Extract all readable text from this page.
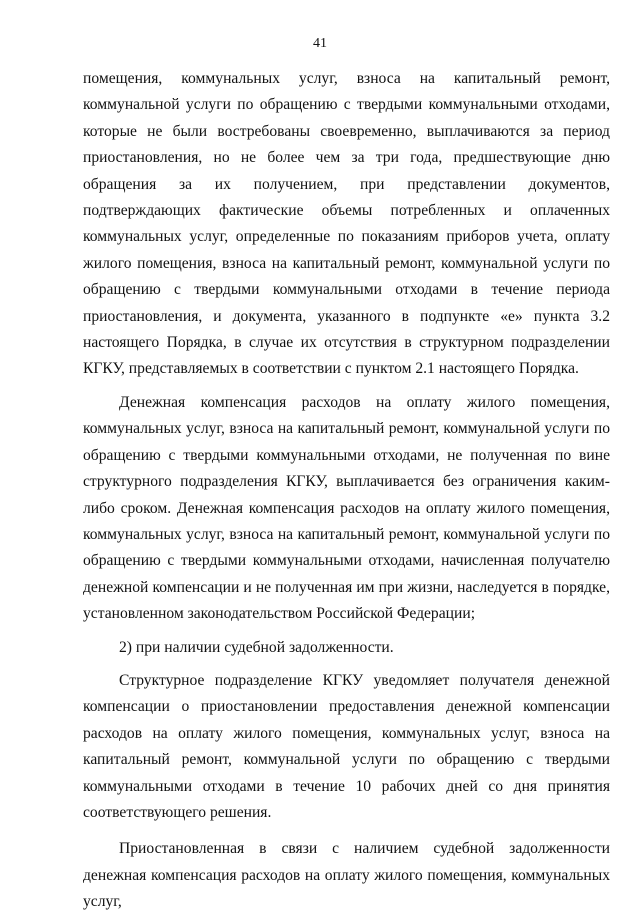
41

помещения, коммунальных услуг, взноса на капитальный ремонт, коммунальной услуги по обращению с твердыми коммунальными отходами, которые не были востребованы своевременно, выплачиваются за период приостановления, но не более чем за три года, предшествующие дню обращения за их получением, при представлении документов, подтверждающих фактические объемы потребленных и оплаченных коммунальных услуг, определенные по показаниям приборов учета, оплату жилого помещения, взноса на капитальный ремонт, коммунальной услуги по обращению с твердыми коммунальными отходами в течение периода приостановления, и документа, указанного в подпункте «е» пункта 3.2 настоящего Порядка, в случае их отсутствия в структурном подразделении КГКУ, представляемых в соответствии с пунктом 2.1 настоящего Порядка.

Денежная компенсация расходов на оплату жилого помещения, коммунальных услуг, взноса на капитальный ремонт, коммунальной услуги по обращению с твердыми коммунальными отходами, не полученная по вине структурного подразделения КГКУ, выплачивается без ограничения каким-либо сроком. Денежная компенсация расходов на оплату жилого помещения, коммунальных услуг, взноса на капитальный ремонт, коммунальной услуги по обращению с твердыми коммунальными отходами, начисленная получателю денежной компенсации и не полученная им при жизни, наследуется в порядке, установленном законодательством Российской Федерации;

2) при наличии судебной задолженности.

Структурное подразделение КГКУ уведомляет получателя денежной компенсации о приостановлении предоставления денежной компенсации расходов на оплату жилого помещения, коммунальных услуг, взноса на капитальный ремонт, коммунальной услуги по обращению с твердыми коммунальными отходами в течение 10 рабочих дней со дня принятия соответствующего решения.

Приостановленная в связи с наличием судебной задолженности денежная компенсация расходов на оплату жилого помещения, коммунальных услуг,
